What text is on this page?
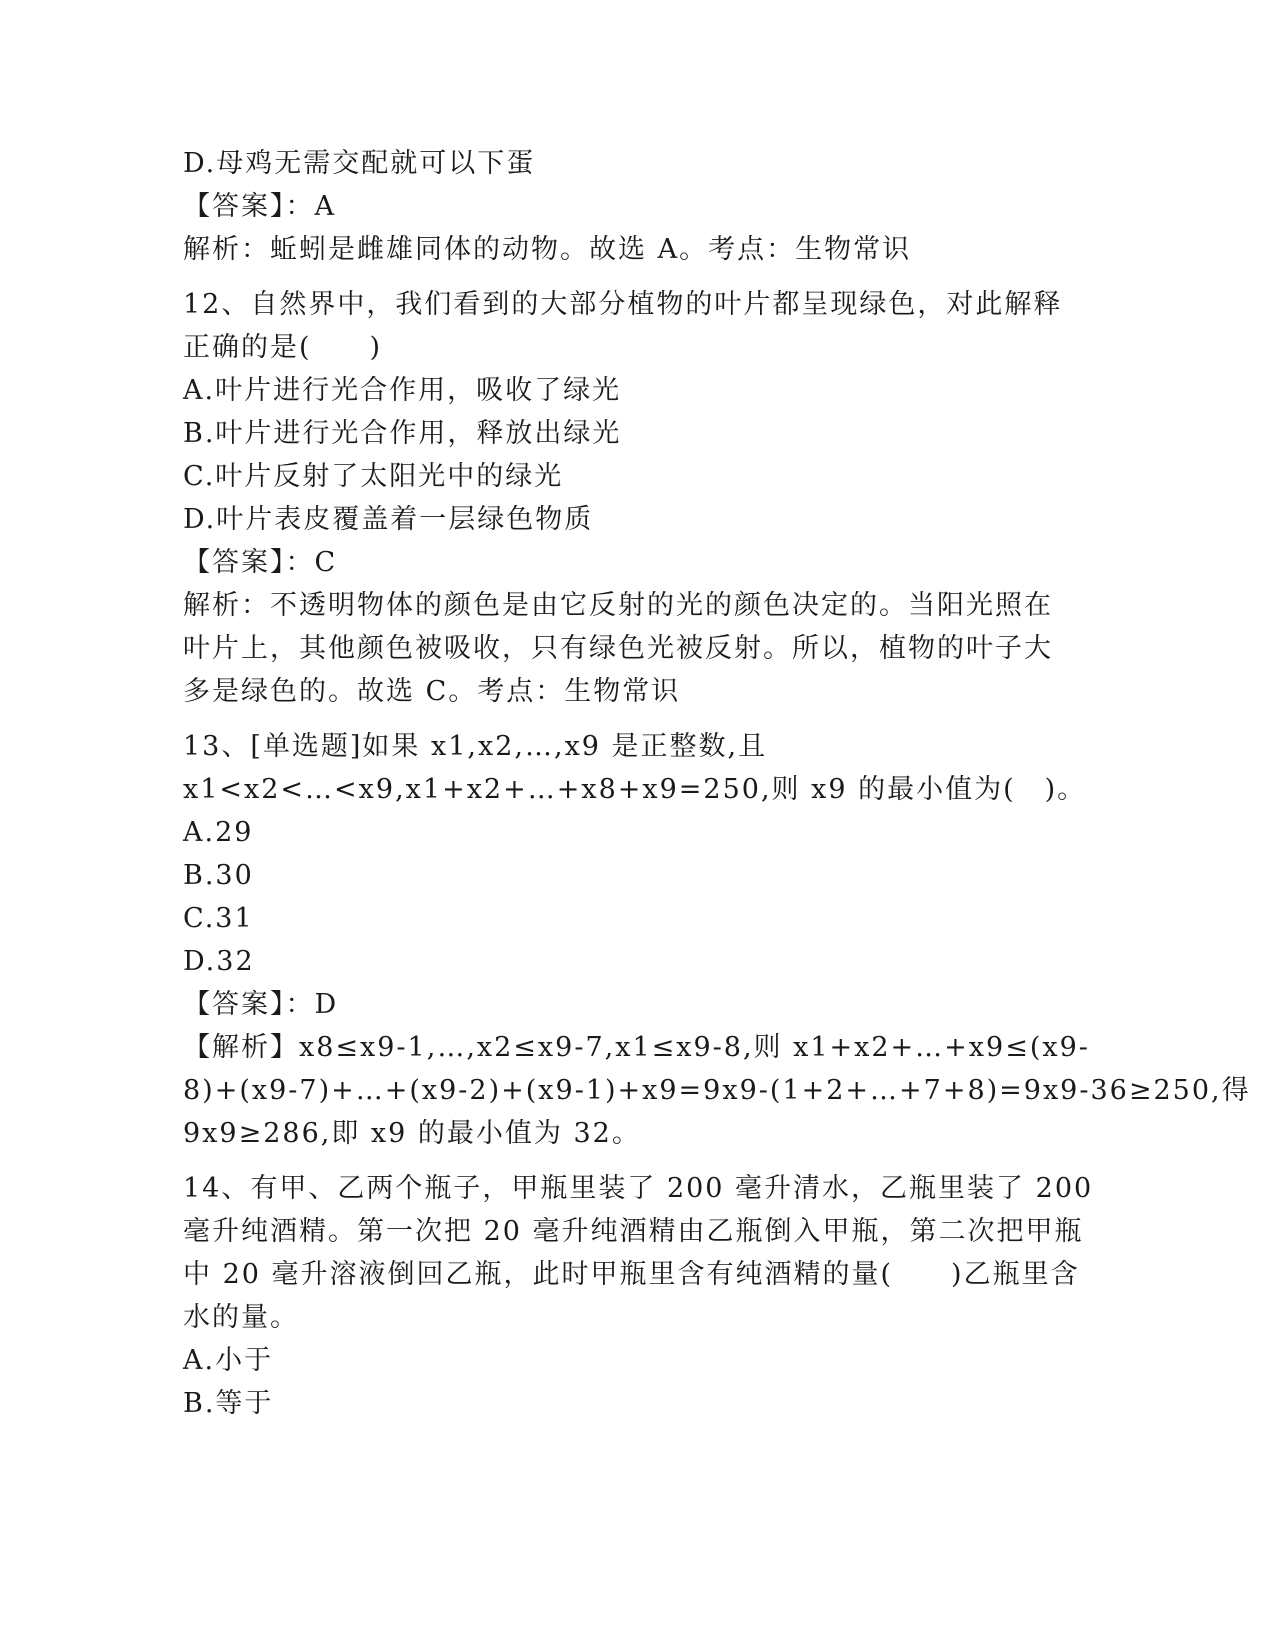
D.母鸡无需交配就可以下蛋
【答案】：A
解析：蚯蚓是雌雄同体的动物。故选 A。考点：生物常识
12、自然界中，我们看到的大部分植物的叶片都呈现绿色，对此解释
正确的是(　　)
A.叶片进行光合作用，吸收了绿光
B.叶片进行光合作用，释放出绿光
C.叶片反射了太阳光中的绿光
D.叶片表皮覆盖着一层绿色物质
【答案】：C
解析：不透明物体的颜色是由它反射的光的颜色决定的。当阳光照在
叶片上，其他颜色被吸收，只有绿色光被反射。所以，植物的叶子大
多是绿色的。故选 C。考点：生物常识
13、[单选题]如果 x1,x2,…,x9 是正整数,且
x1<x2<…<x9,x1+x2+…+x8+x9=250,则 x9 的最小值为(　)。
A.29
B.30
C.31
D.32
【答案】：D
【解析】x8≤x9-1,…,x2≤x9-7,x1≤x9-8,则 x1+x2+…+x9≤(x9-
8)+(x9-7)+…+(x9-2)+(x9-1)+x9=9x9-(1+2+…+7+8)=9x9-36≥250,得
9x9≥286,即 x9 的最小值为 32。
14、有甲、乙两个瓶子，甲瓶里装了 200 毫升清水，乙瓶里装了 200
毫升纯酒精。第一次把 20 毫升纯酒精由乙瓶倒入甲瓶，第二次把甲瓶
中 20 毫升溶液倒回乙瓶，此时甲瓶里含有纯酒精的量(　　)乙瓶里含
水的量。
A.小于
B.等于
